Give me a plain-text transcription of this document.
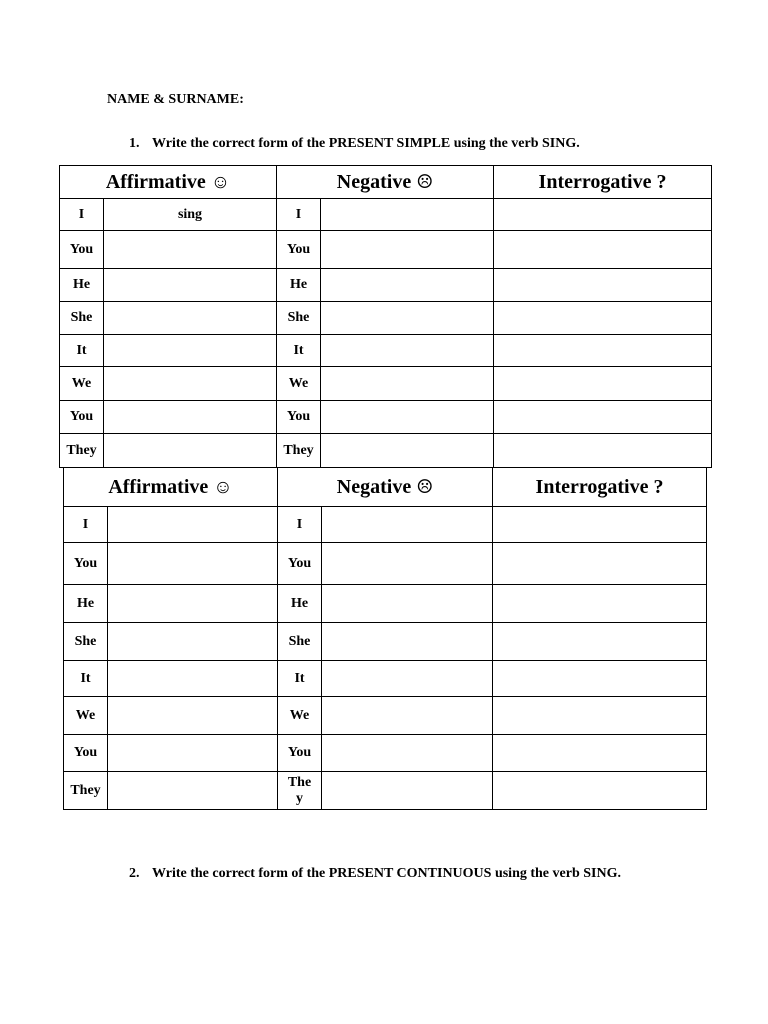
NAME & SURNAME:
1. Write the correct form of the PRESENT SIMPLE using the verb SING.
Affirmative ☺		Negative ☹		Interrogative ?
I	sing	I		
You		You		
He		He		
She		She		
It		It		
We		We		
You		You		
They		They		
Affirmative ☺		Negative ☹		Interrogative ?
I		I		
You		You		
He		He		
She		She		
It		It		
We		We		
You		You		
They		They		
2. Write the correct form of the PRESENT CONTINUOUS using the verb SING.
